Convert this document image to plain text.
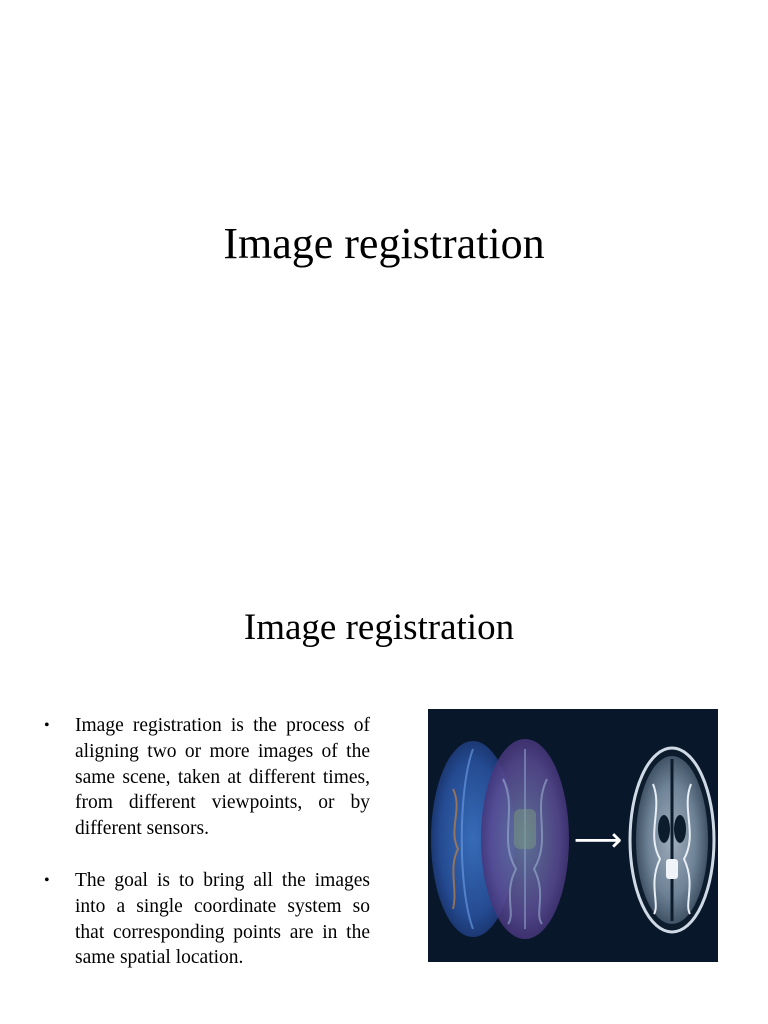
Image registration
Image registration
• Image registration is the process of aligning two or more images of the same scene, taken at different times, from different viewpoints, or by different sensors.
• The goal is to bring all the images into a single coordinate system so that corresponding points are in the same spatial location.
⟶
